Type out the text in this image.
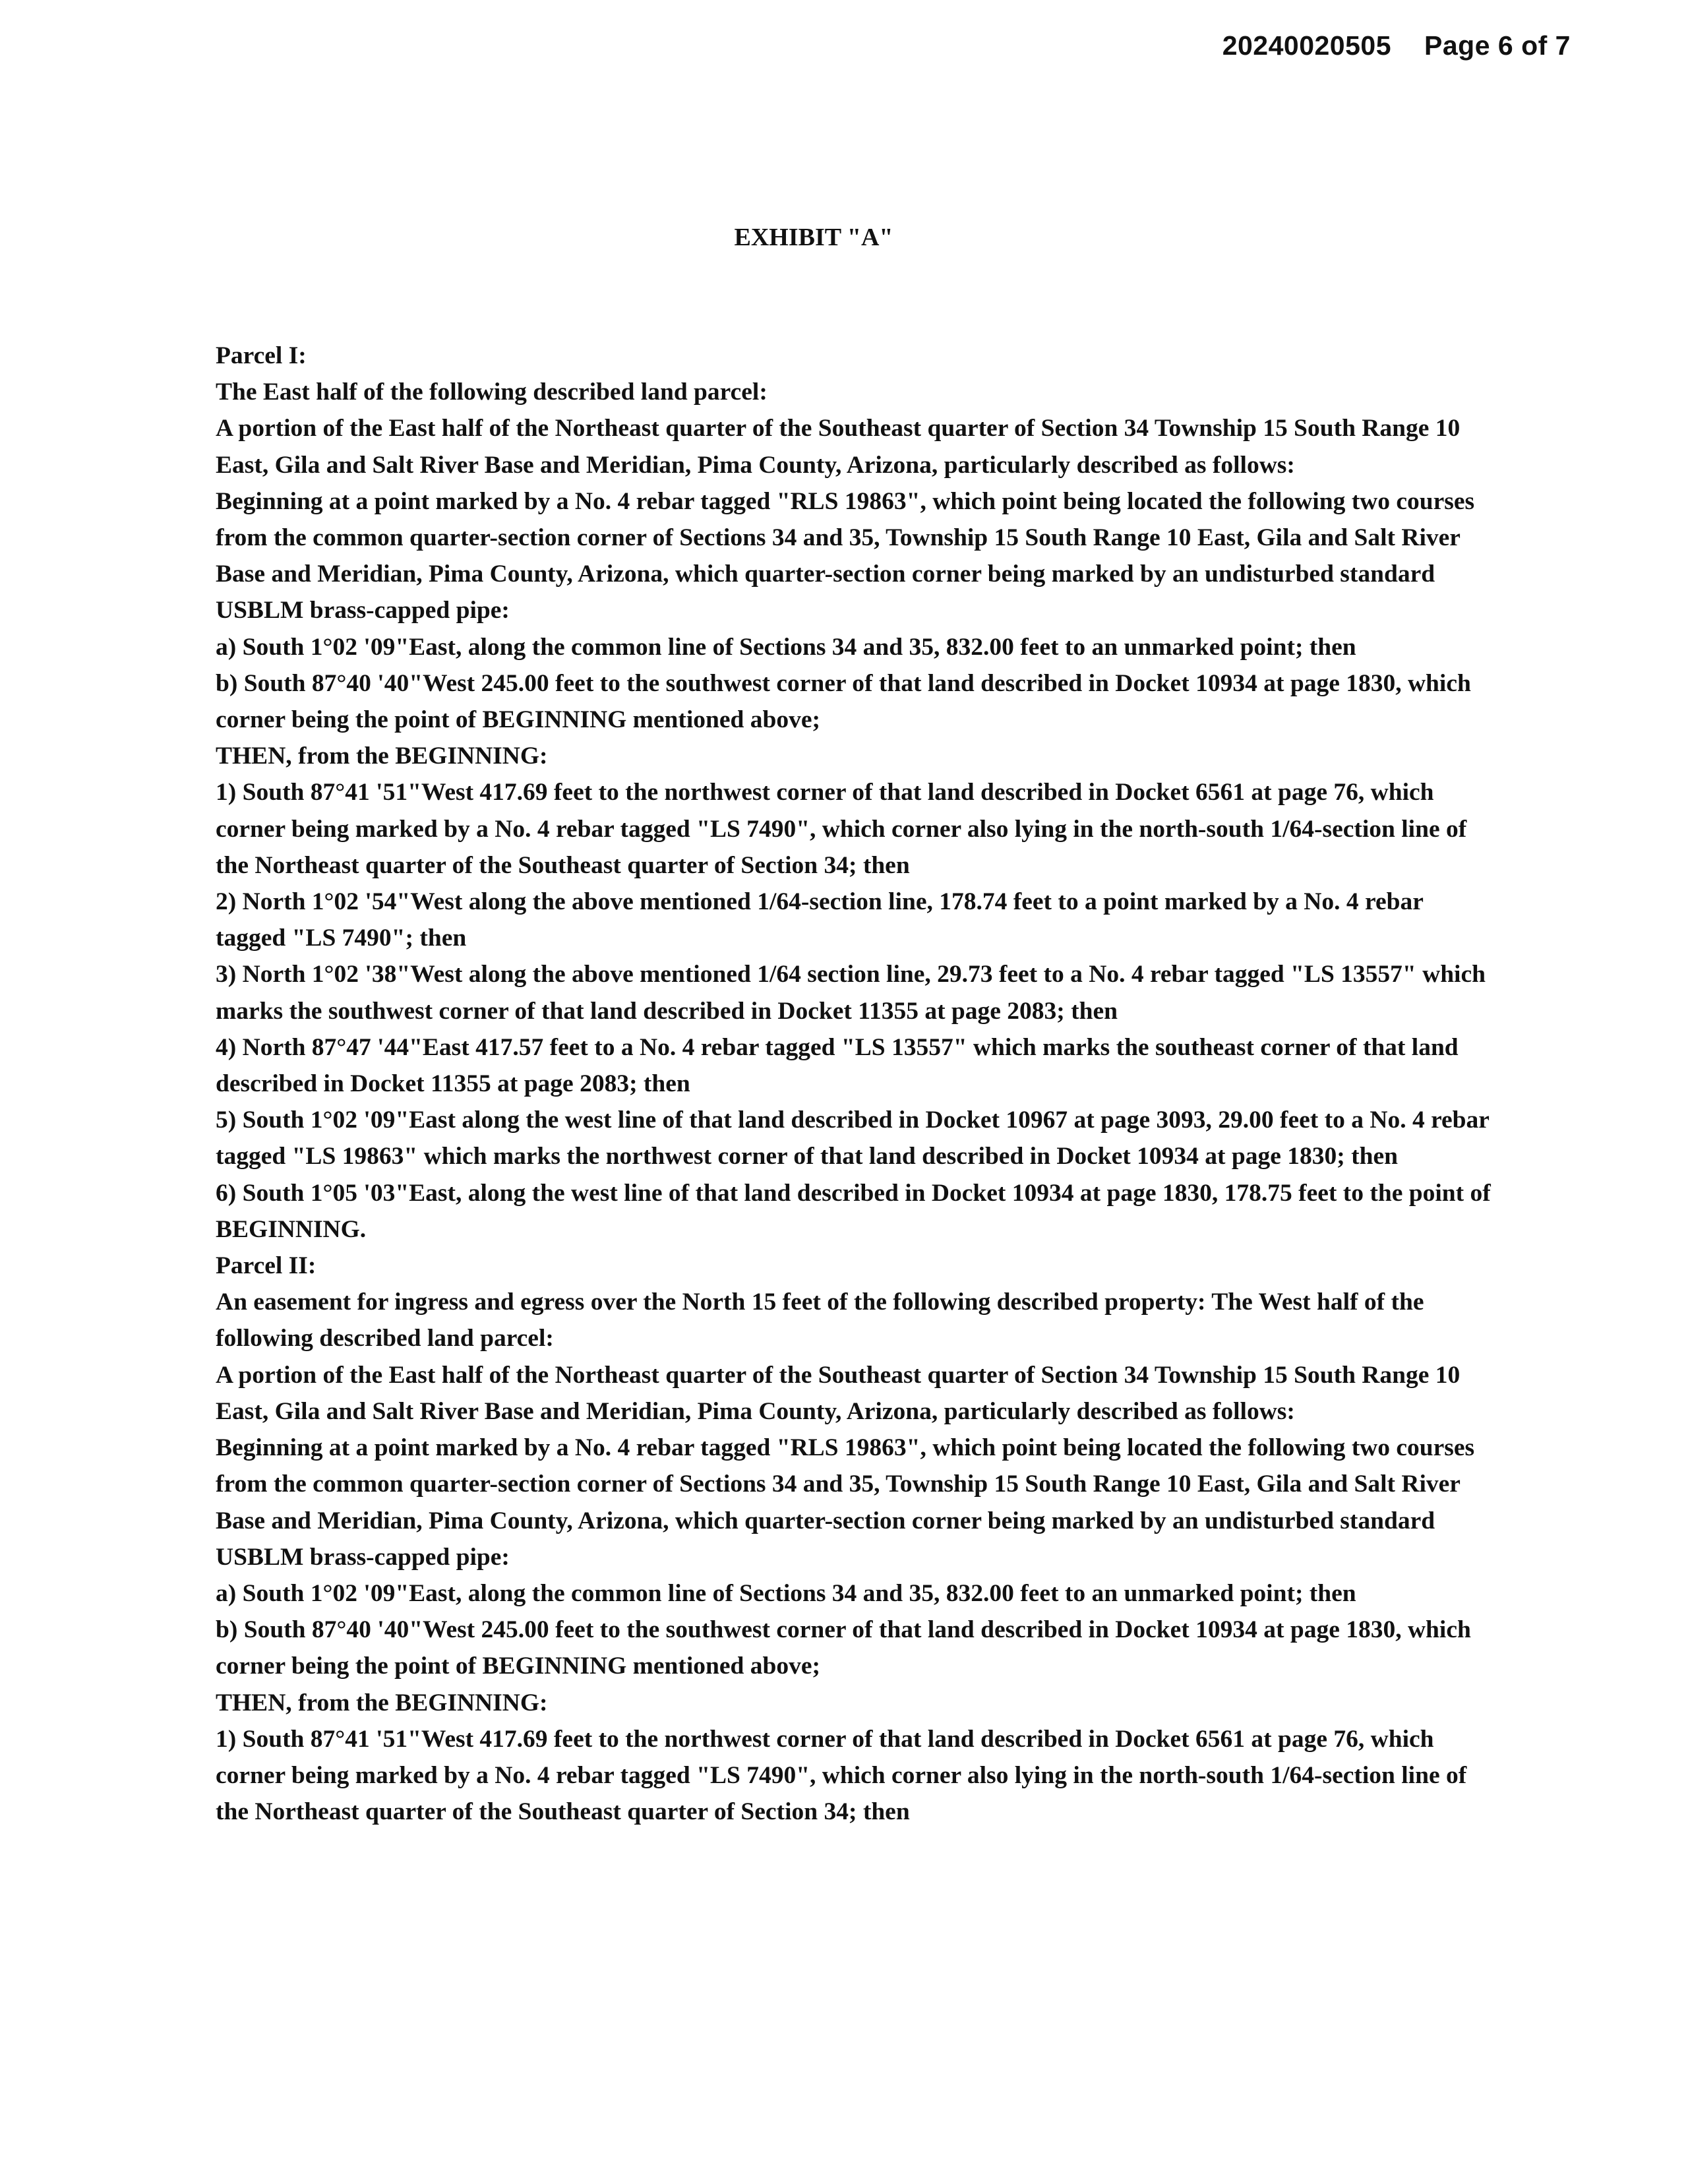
20240020505 Page 6 of 7
EXHIBIT "A"

Parcel I:

The East half of the following described land parcel:

A portion of the East half of the Northeast quarter of the Southeast quarter of Section 34 Township 15 South Range 10 East, Gila and Salt River Base and Meridian, Pima County, Arizona, particularly described as follows:

Beginning at a point marked by a No. 4 rebar tagged "RLS 19863", which point being located the following two courses from the common quarter-section corner of Sections 34 and 35, Township 15 South Range 10 East, Gila and Salt River Base and Meridian, Pima County, Arizona, which quarter-section corner being marked by an undisturbed standard USBLM brass-capped pipe:

a) South 1°02 '09"East, along the common line of Sections 34 and 35, 832.00 feet to an unmarked point; then

b) South 87°40 '40"West 245.00 feet to the southwest corner of that land described in Docket 10934 at page 1830, which corner being the point of BEGINNING mentioned above;

THEN, from the BEGINNING:

1) South 87°41 '51"West 417.69 feet to the northwest corner of that land described in Docket 6561 at page 76, which corner being marked by a No. 4 rebar tagged "LS 7490", which corner also lying in the north-south 1/64-section line of the Northeast quarter of the Southeast quarter of Section 34; then

2) North 1°02 '54"West along the above mentioned 1/64-section line, 178.74 feet to a point marked by a No. 4 rebar tagged "LS 7490"; then

3) North 1°02 '38"West along the above mentioned 1/64 section line, 29.73 feet to a No. 4 rebar tagged "LS 13557" which marks the southwest corner of that land described in Docket 11355 at page 2083; then

4) North 87°47 '44"East 417.57 feet to a No. 4 rebar tagged "LS 13557" which marks the southeast corner of that land described in Docket 11355 at page 2083; then

5) South 1°02 '09"East along the west line of that land described in Docket 10967 at page 3093, 29.00 feet to a No. 4 rebar tagged "LS 19863" which marks the northwest corner of that land described in Docket 10934 at page 1830; then

6) South 1°05 '03"East, along the west line of that land described in Docket 10934 at page 1830, 178.75 feet to the point of BEGINNING.

Parcel II:

An easement for ingress and egress over the North 15 feet of the following described property: The West half of the following described land parcel:

A portion of the East half of the Northeast quarter of the Southeast quarter of Section 34 Township 15 South Range 10 East, Gila and Salt River Base and Meridian, Pima County, Arizona, particularly described as follows:

Beginning at a point marked by a No. 4 rebar tagged "RLS 19863", which point being located the following two courses from the common quarter-section corner of Sections 34 and 35, Township 15 South Range 10 East, Gila and Salt River Base and Meridian, Pima County, Arizona, which quarter-section corner being marked by an undisturbed standard USBLM brass-capped pipe:

a) South 1°02 '09"East, along the common line of Sections 34 and 35, 832.00 feet to an unmarked point; then

b) South 87°40 '40"West 245.00 feet to the southwest corner of that land described in Docket 10934 at page 1830, which corner being the point of BEGINNING mentioned above;

THEN, from the BEGINNING:

1) South 87°41 '51"West 417.69 feet to the northwest corner of that land described in Docket 6561 at page 76, which corner being marked by a No. 4 rebar tagged "LS 7490", which corner also lying in the north-south 1/64-section line of the Northeast quarter of the Southeast quarter of Section 34; then
